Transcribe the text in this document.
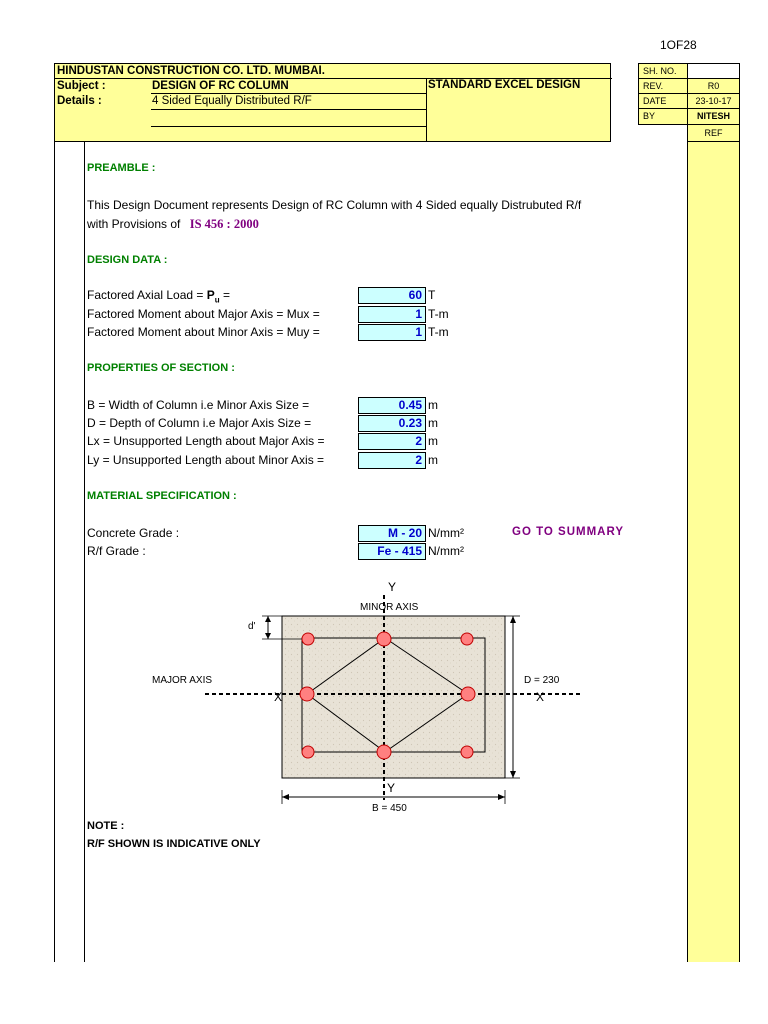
1OF28
HINDUSTAN CONSTRUCTION CO. LTD. MUMBAI.
Subject :	DESIGN OF RC COLUMN
Details :	4 Sided Equally Distributed R/F
STANDARD EXCEL DESIGN
SH. NO.
REV.	R0
DATE	23-10-17
BY	NITESH
REF
PREAMBLE :
This Design Document represents Design of RC Column with 4 Sided equally Distrubuted R/f
with Provisions of IS 456 : 2000
DESIGN DATA :
Factored Axial Load = $P_u$ =	60 T
Factored Moment about Major Axis = Mux =	1 T-m
Factored Moment about Minor Axis = Muy =	1 T-m
PROPERTIES OF SECTION :
B = Width of Column i.e Minor Axis Size =	0.45 m
D = Depth of Column i.e Major Axis Size =	0.23 m
Lx = Unsupported Length about Major Axis =	2 m
Ly = Unsupported Length about Minor Axis =	2 m
MATERIAL SPECIFICATION :
Concrete Grade :	M - 20 N/mm²
R/f Grade :	Fe - 415 N/mm²
GO TO SUMMARY
Y
MINOR AXIS
d'
MAJOR AXIS
X	X
D = 230
Y
B = 450
NOTE :
R/F SHOWN IS INDICATIVE ONLY
